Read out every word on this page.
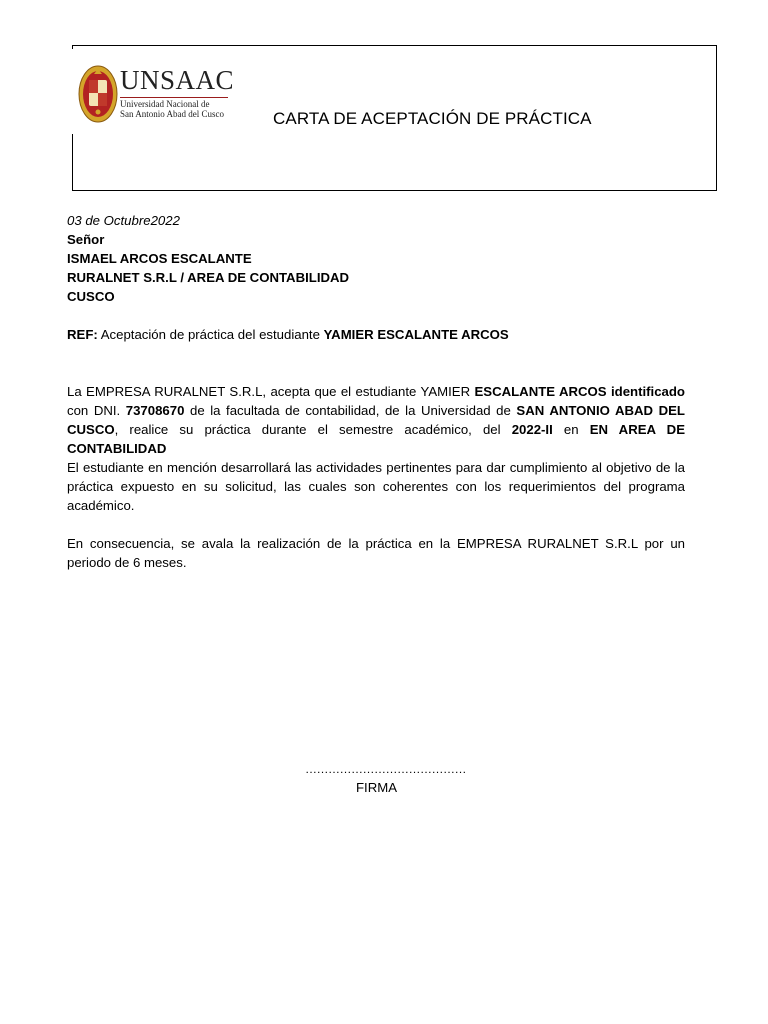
UNSAAC
Universidad Nacional de
San Antonio Abad del Cusco	CARTA DE ACEPTACIÓN DE PRÁCTICA
03 de Octubre2022
Señor
ISMAEL ARCOS ESCALANTE
RURALNET S.R.L / AREA DE CONTABILIDAD
CUSCO
REF: Aceptación de práctica del estudiante YAMIER ESCALANTE ARCOS
La EMPRESA RURALNET S.R.L, acepta que el estudiante YAMIER ESCALANTE ARCOS identificado con DNI. 73708670 de la facultada de contabilidad, de la Universidad de SAN ANTONIO ABAD DEL CUSCO, realice su práctica durante el semestre académico, del 2022-II en EN AREA DE CONTABILIDAD
El estudiante en mención desarrollará las actividades pertinentes para dar cumplimiento al objetivo de la práctica expuesto en su solicitud, las cuales son coherentes con los requerimientos del programa académico.
En consecuencia, se avala la realización de la práctica en la EMPRESA RURALNET S.R.L por un periodo de 6 meses.
……………………………………
FIRMA
